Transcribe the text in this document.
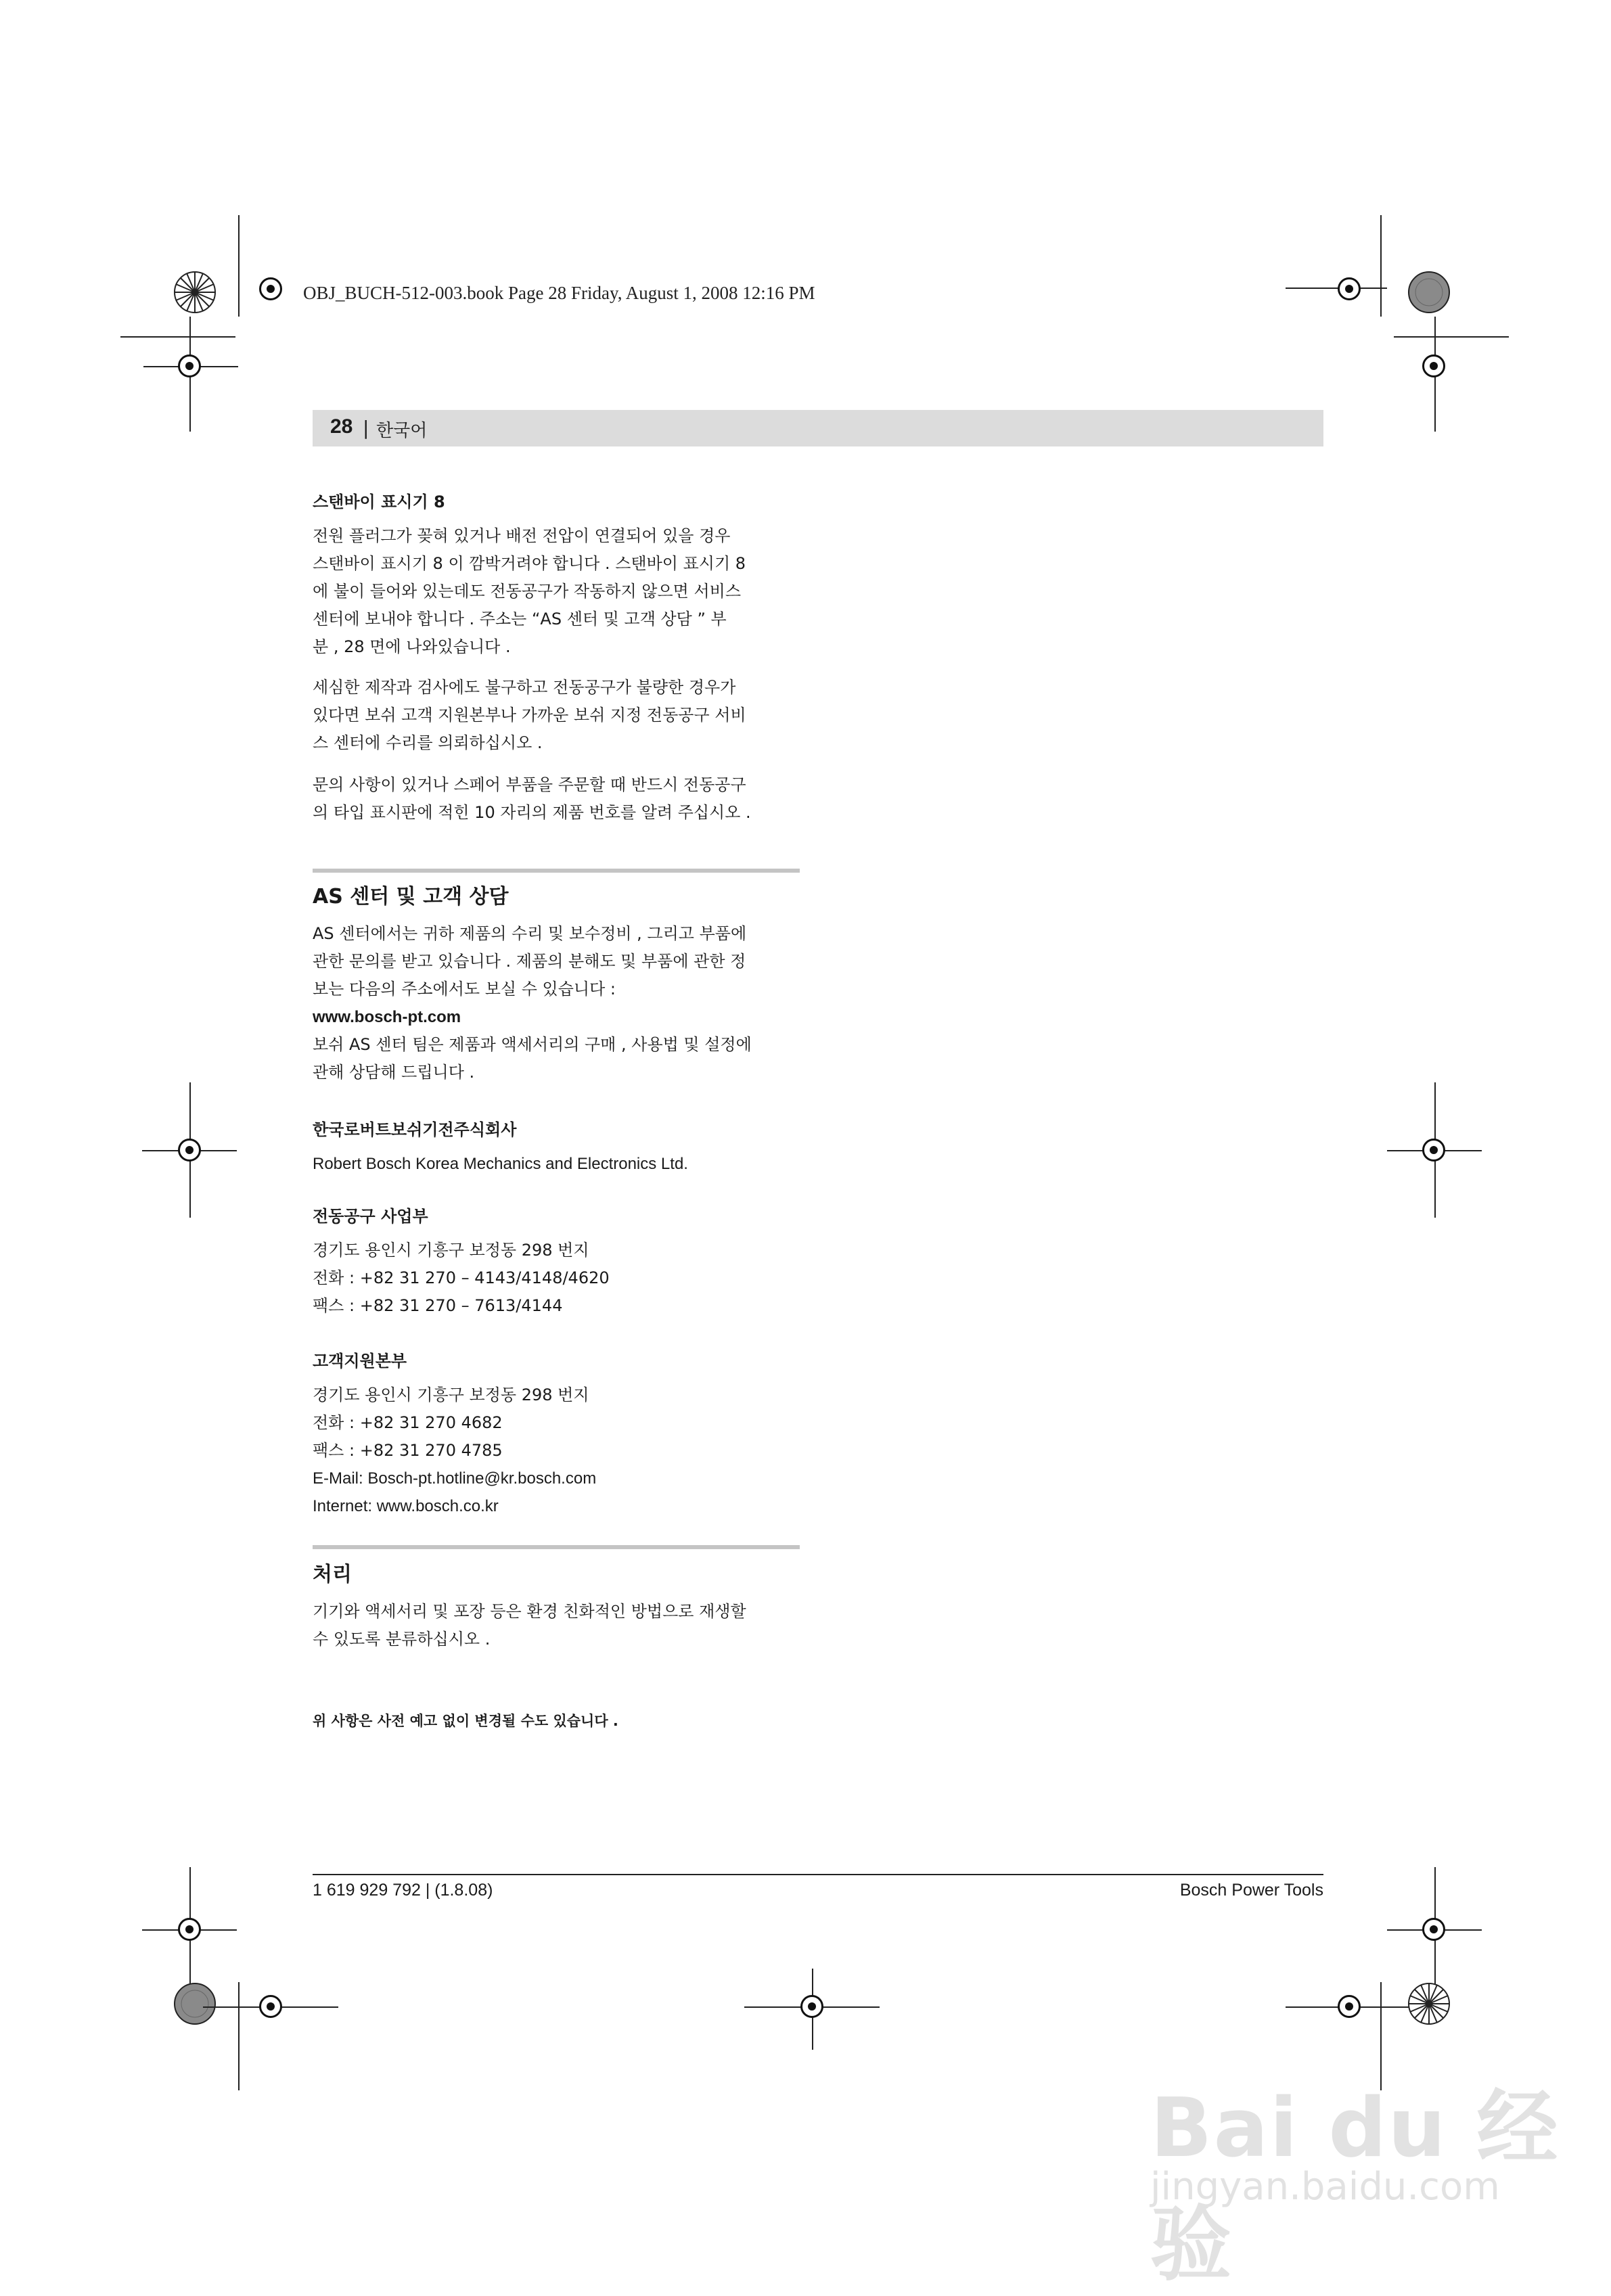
OBJ_BUCH-512-003.book Page 28 Friday, August 1, 2008 12:16 PM
28 | 한국어

스탠바이 표시기 8

전원 플러그가 꽂혀 있거나 배전 전압이 연결되어 있을 경우

스탠바이 표시기 8 이 깜박거려야 합니다 . 스탠바이 표시기 8

에 불이 들어와 있는데도 전동공구가 작동하지 않으면 서비스

센터에 보내야 합니다 . 주소는 “AS 센터 및 고객 상담 ” 부

분 , 28 면에 나와있습니다 .

세심한 제작과 검사에도 불구하고 전동공구가 불량한 경우가

있다면 보쉬 고객 지원본부나 가까운 보쉬 지정 전동공구 서비

스 센터에 수리를 의뢰하십시오 .

문의 사항이 있거나 스페어 부품을 주문할 때 반드시 전동공구

의 타입 표시판에 적힌 10 자리의 제품 번호를 알려 주십시오 .

AS 센터 및 고객 상담

AS 센터에서는 귀하 제품의 수리 및 보수정비 , 그리고 부품에

관한 문의를 받고 있습니다 . 제품의 분해도 및 부품에 관한 정

보는 다음의 주소에서도 보실 수 있습니다 :

www.bosch-pt.com

보쉬 AS 센터 팀은 제품과 액세서리의 구매 , 사용법 및 설정에

관해 상담해 드립니다 .

한국로버트보쉬기전주식회사

Robert Bosch Korea Mechanics and Electronics Ltd.

전동공구 사업부

경기도 용인시 기흥구 보정동 298 번지

전화 : +82 31 270 – 4143/4148/4620

팩스 : +82 31 270 – 7613/4144

고객지원본부

경기도 용인시 기흥구 보정동 298 번지

전화 : +82 31 270 4682

팩스 : +82 31 270 4785

E-Mail: Bosch-pt.hotline@kr.bosch.com

Internet: www.bosch.co.kr

처리

기기와 액세서리 및 포장 등은 환경 친화적인 방법으로 재생할

수 있도록 분류하십시오 .

위 사항은 사전 예고 없이 변경될 수도 있습니다 .

1 619 929 792 | (1.8.08)	Bosch Power Tools
Bai du 经验
jingyan.baidu.com
